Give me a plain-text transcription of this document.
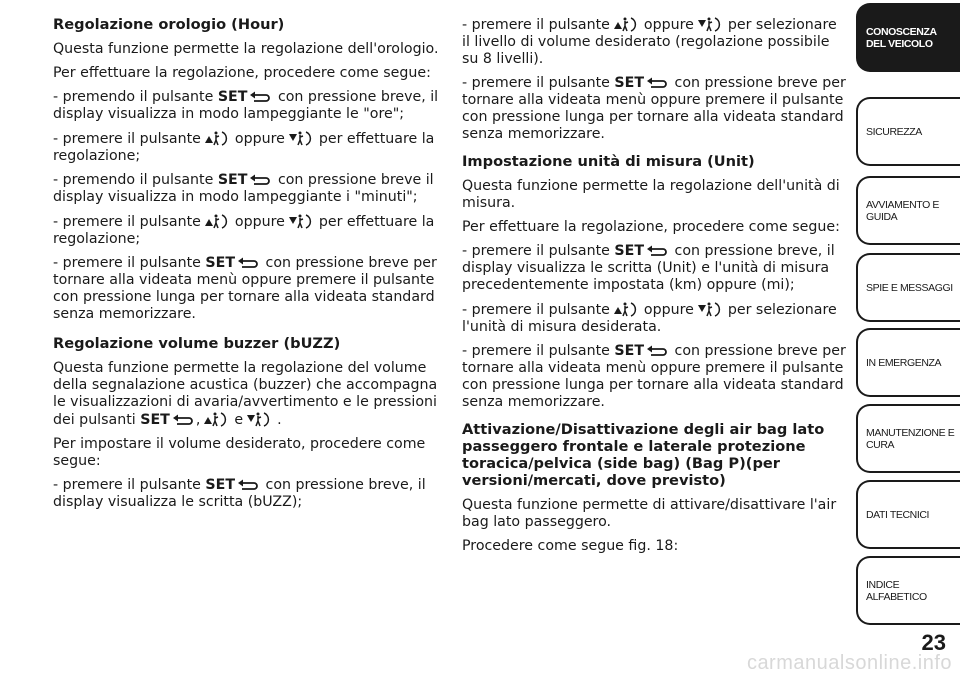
Regolazione orologio (Hour)

Questa funzione permette la regolazione dell'orologio.

Per effettuare la regolazione, procedere come segue:

- premendo il pulsante SET con pressione breve, il display visualizza in modo lampeggiante le "ore";

- premere il pulsante oppure per effettuare la regolazione;

- premendo il pulsante SET con pressione breve il display visualizza in modo lampeggiante i "minuti";

- premere il pulsante oppure per effettuare la regolazione;

- premere il pulsante SET con pressione breve per tornare alla videata menù oppure premere il pulsante con pressione lunga per tornare alla videata standard senza memorizzare.

Regolazione volume buzzer (bUZZ)

Questa funzione permette la regolazione del volume della segnalazione acustica (buzzer) che accompagna le visualizzazioni di avaria/avvertimento e le pressioni dei pulsanti SET , e .

Per impostare il volume desiderato, procedere come segue:

- premere il pulsante SET con pressione breve, il display visualizza le scritta (bUZZ);

- premere il pulsante oppure per selezionare il livello di volume desiderato (regolazione possibile su 8 livelli).

- premere il pulsante SET con pressione breve per tornare alla videata menù oppure premere il pulsante con pressione lunga per tornare alla videata standard senza memorizzare.

Impostazione unità di misura (Unit)

Questa funzione permette la regolazione dell'unità di misura.

Per effettuare la regolazione, procedere come segue:

- premere il pulsante SET con pressione breve, il display visualizza le scritta (Unit) e l'unità di misura precedentemente impostata (km) oppure (mi);

- premere il pulsante oppure per selezionare l'unità di misura desiderata.

- premere il pulsante SET con pressione breve per tornare alla videata menù oppure premere il pulsante con pressione lunga per tornare alla videata standard senza memorizzare.

Attivazione/Disattivazione degli air bag lato passeggero frontale e laterale protezione toracica/pelvica (side bag) (Bag P)(per versioni/mercati, dove previsto)

Questa funzione permette di attivare/disattivare l'air bag lato passeggero.

Procedere come segue fig. 18:

CONOSCENZA DEL VEICOLO
SICUREZZA
AVVIAMENTO E GUIDA
SPIE E MESSAGGI
IN EMERGENZA
MANUTENZIONE E CURA
DATI TECNICI
INDICE ALFABETICO
23
carmanualsonline.info
